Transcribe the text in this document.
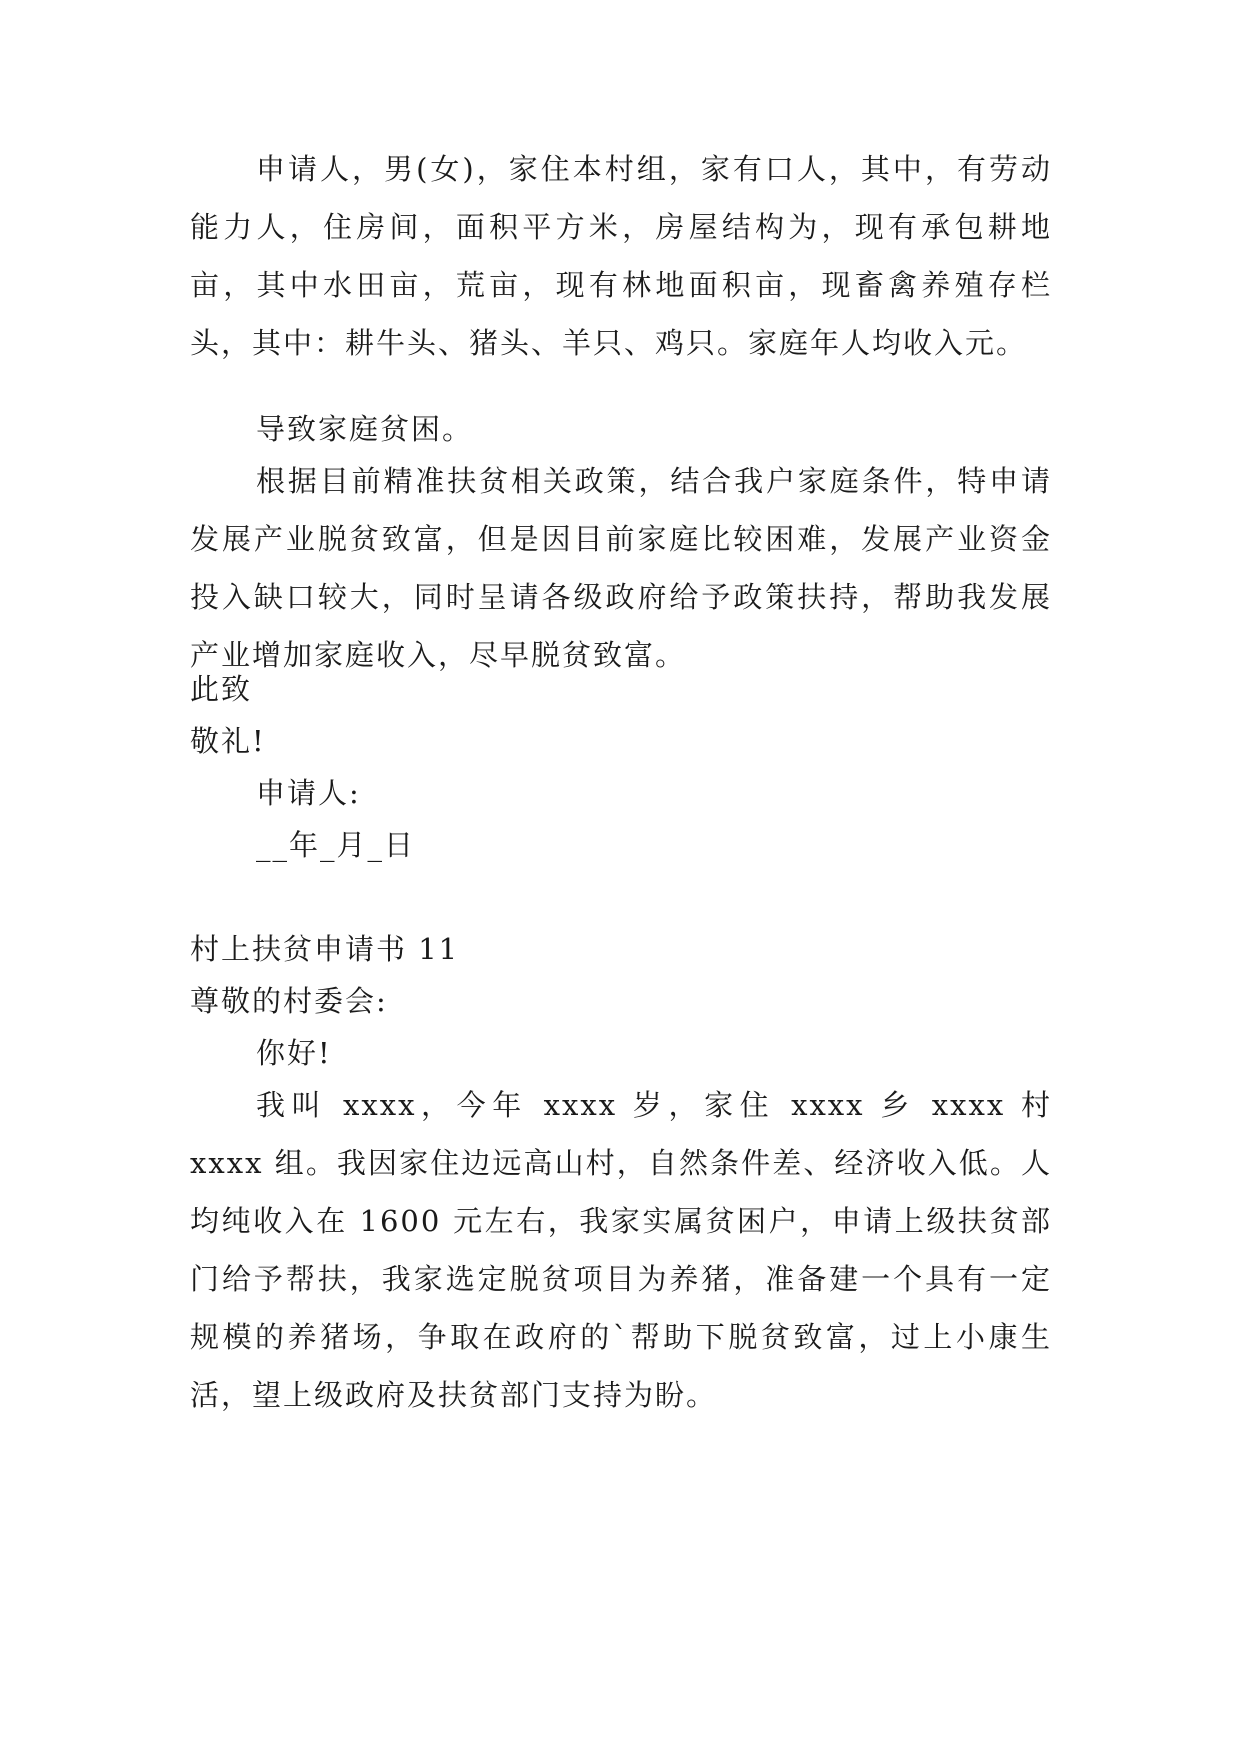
申请人，男(女)，家住本村组，家有口人，其中，有劳动能力人，住房间，面积平方米，房屋结构为，现有承包耕地亩，其中水田亩，荒亩，现有林地面积亩，现畜禽养殖存栏头，其中：耕牛头、猪头、羊只、鸡只。家庭年人均收入元。

导致家庭贫困。

根据目前精准扶贫相关政策，结合我户家庭条件，特申请发展产业脱贫致富，但是因目前家庭比较困难，发展产业资金投入缺口较大，同时呈请各级政府给予政策扶持，帮助我发展产业增加家庭收入，尽早脱贫致富。

此致

敬礼!

申请人:

__年_月_日

村上扶贫申请书 11

尊敬的村委会:

你好!

我叫 xxxx，今年 xxxx 岁，家住 xxxx 乡 xxxx 村 xxxx 组。我因家住边远高山村，自然条件差、经济收入低。人均纯收入在 1600 元左右，我家实属贫困户，申请上级扶贫部门给予帮扶，我家选定脱贫项目为养猪，准备建一个具有一定规模的养猪场，争取在政府的`帮助下脱贫致富，过上小康生活，望上级政府及扶贫部门支持为盼。
